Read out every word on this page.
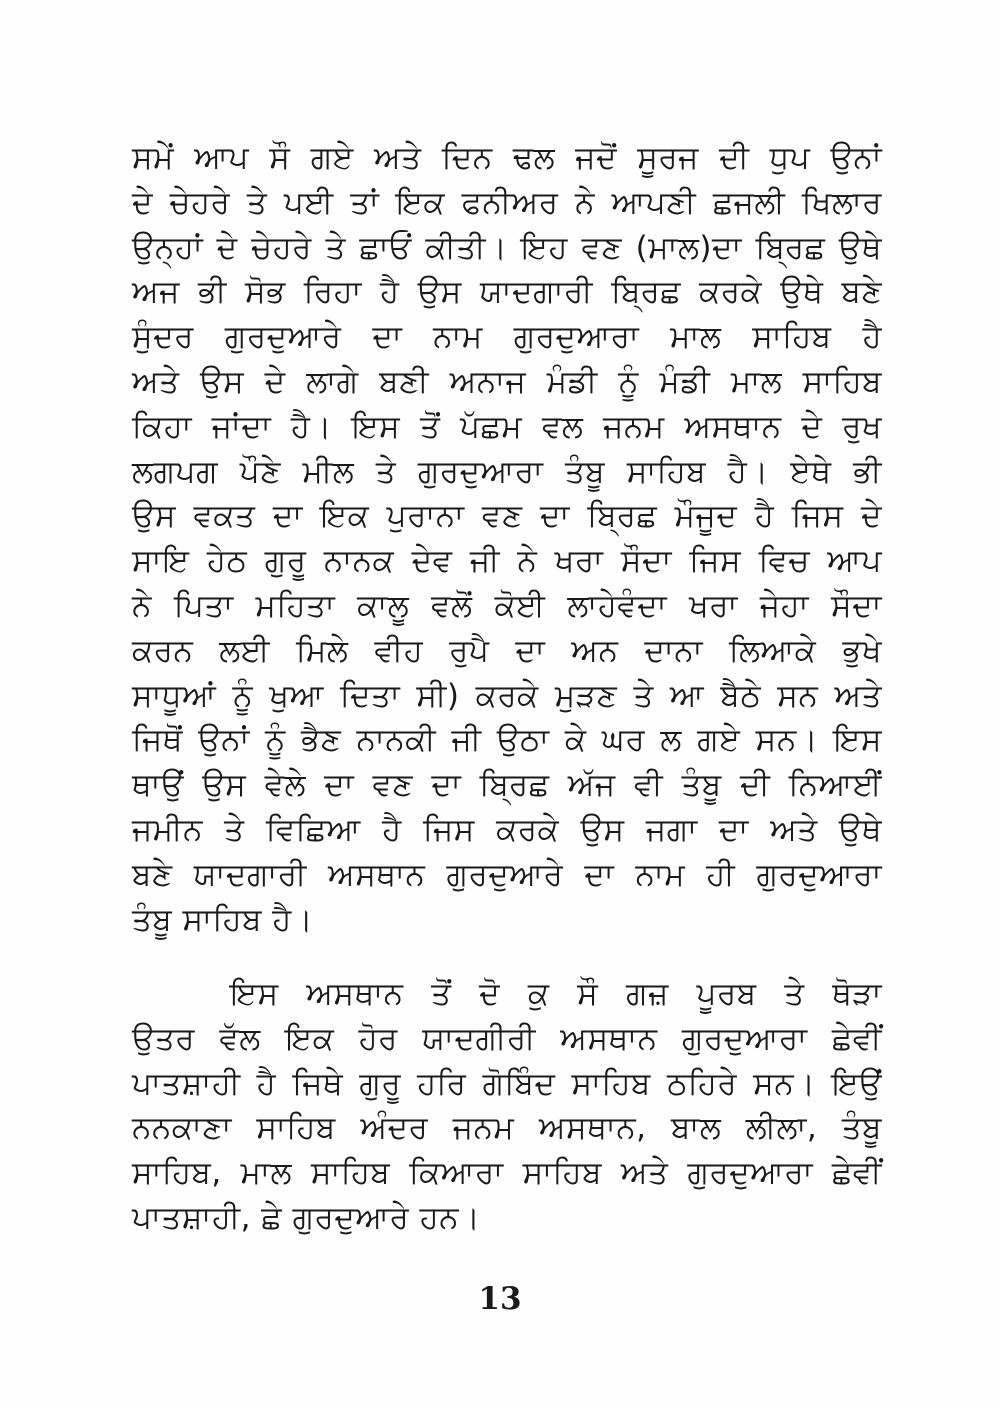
ਸਮੇਂ ਆਪ ਸੌ ਗਏ ਅਤੇ ਦਿਨ ਢਲ ਜਦੋਂ ਸੂਰਜ ਦੀ ਧੁਪ ਉਨਾਂ
ਦੇ ਚੇਹਰੇ ਤੇ ਪਈ ਤਾਂ ਇਕ ਫਨੀਅਰ ਨੇ ਆਪਣੀ ਛਜਲੀ ਖਿਲਾਰ
ਉਨ੍ਹਾਂ ਦੇ ਚੇਹਰੇ ਤੇ ਛਾਓਂ ਕੀਤੀ। ਇਹ ਵਣ (ਮਾਲ)ਦਾ ਬ੍ਰਿਛ ਉਥੇ
ਅਜ ਭੀ ਸੋਭ ਰਿਹਾ ਹੈ ਉਸ ਯਾਦਗਾਰੀ ਬ੍ਰਿਛ ਕਰਕੇ ਉਥੇ ਬਣੇ
ਸੁੰਦਰ ਗੁਰਦੁਆਰੇ ਦਾ ਨਾਮ ਗੁਰਦੁਆਰਾ ਮਾਲ ਸਾਹਿਬ ਹੈ
ਅਤੇ ਉਸ ਦੇ ਲਾਗੇ ਬਣੀ ਅਨਾਜ ਮੰਡੀ ਨੂੰ ਮੰਡੀ ਮਾਲ ਸਾਹਿਬ
ਕਿਹਾ ਜਾਂਦਾ ਹੈ। ਇਸ ਤੋਂ ਪੱਛਮ ਵਲ ਜਨਮ ਅਸਥਾਨ ਦੇ ਰੁਖ
ਲਗਪਗ ਪੌਣੇ ਮੀਲ ਤੇ ਗੁਰਦੁਆਰਾ ਤੰਬੂ ਸਾਹਿਬ ਹੈ। ਏਥੇ ਭੀ
ਉਸ ਵਕਤ ਦਾ ਇਕ ਪੁਰਾਨਾ ਵਣ ਦਾ ਬ੍ਰਿਛ ਮੌਜੂਦ ਹੈ ਜਿਸ ਦੇ
ਸਾਇ ਹੇਠ ਗੁਰੂ ਨਾਨਕ ਦੇਵ ਜੀ ਨੇ ਖਰਾ ਸੌਦਾ ਜਿਸ ਵਿਚ ਆਪ
ਨੇ ਪਿਤਾ ਮਹਿਤਾ ਕਾਲੂ ਵਲੋਂ ਕੋਈ ਲਾਹੇਵੰਦਾ ਖਰਾ ਜੇਹਾ ਸੌਦਾ
ਕਰਨ ਲਈ ਮਿਲੇ ਵੀਹ ਰੁਪੈ ਦਾ ਅਨ ਦਾਨਾ ਲਿਆਕੇ ਭੁਖੇ
ਸਾਧੂਆਂ ਨੂੰ ਖੁਆ ਦਿਤਾ ਸੀ) ਕਰਕੇ ਮੁੜਣ ਤੇ ਆ ਬੈਠੇ ਸਨ ਅਤੇ
ਜਿਥੋਂ ਉਨਾਂ ਨੂੰ ਭੈਣ ਨਾਨਕੀ ਜੀ ਉਠਾ ਕੇ ਘਰ ਲ ਗਏ ਸਨ। ਇਸ
ਥਾਉਂ ਉਸ ਵੇਲੇ ਦਾ ਵਣ ਦਾ ਬ੍ਰਿਛ ਅੱਜ ਵੀ ਤੰਬੂ ਦੀ ਨਿਆਈਂ
ਜਮੀਨ ਤੇ ਵਿਛਿਆ ਹੈ ਜਿਸ ਕਰਕੇ ਉਸ ਜਗਾ ਦਾ ਅਤੇ ਉਥੇ
ਬਣੇ ਯਾਦਗਾਰੀ ਅਸਥਾਨ ਗੁਰਦੁਆਰੇ ਦਾ ਨਾਮ ਹੀ ਗੁਰਦੁਆਰਾ
ਤੰਬੂ ਸਾਹਿਬ ਹੈ।
ਇਸ ਅਸਥਾਨ ਤੋਂ ਦੋ ਕੁ ਸੌ ਗਜ਼ ਪੂਰਬ ਤੇ ਥੋੜਾ
ਉਤਰ ਵੱਲ ਇਕ ਹੋਰ ਯਾਦਗੀਰੀ ਅਸਥਾਨ ਗੁਰਦੁਆਰਾ ਛੇਵੀਂ
ਪਾਤਸ਼ਾਹੀ ਹੈ ਜਿਥੇ ਗੁਰੂ ਹਰਿ ਗੋਬਿੰਦ ਸਾਹਿਬ ਠਹਿਰੇ ਸਨ। ਇਉਂ
ਨਨਕਾਣਾ ਸਾਹਿਬ ਅੰਦਰ ਜਨਮ ਅਸਥਾਨ, ਬਾਲ ਲੀਲਾ, ਤੰਬੂ
ਸਾਹਿਬ, ਮਾਲ ਸਾਹਿਬ ਕਿਆਰਾ ਸਾਹਿਬ ਅਤੇ ਗੁਰਦੁਆਰਾ ਛੇਵੀਂ
ਪਾਤਸ਼ਾਹੀ, ਛੇ ਗੁਰਦੁਆਰੇ ਹਨ।
13
